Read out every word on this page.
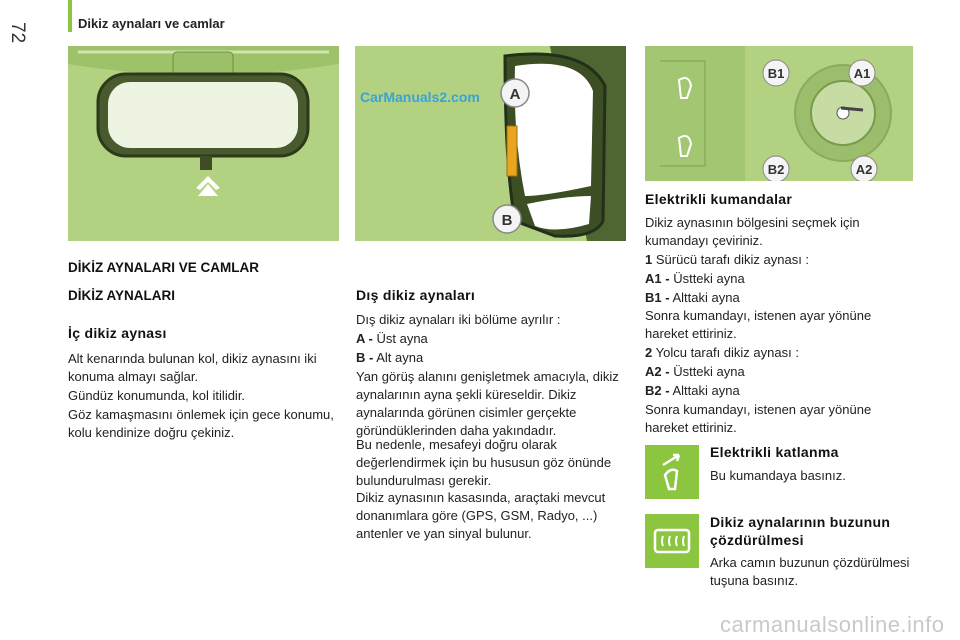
72	Dikiz aynaları ve camlar
A
B
CarManuals2.com
B1	A1
B2	A2
DİKİZ AYNALARI VE CAMLAR
DİKİZ AYNALARI
İç dikiz aynası
Alt kenarında bulunan kol, dikiz aynasını iki konuma almayı sağlar.
Gündüz konumunda, kol itilidir.
Göz kamaşmasını önlemek için gece konumu, kolu kendinize doğru çekiniz.
Dış dikiz aynaları
Dış dikiz aynaları iki bölüme ayrılır :
A - Üst ayna
B - Alt ayna
Yan görüş alanını genişletmek amacıyla, dikiz aynalarının ayna şekli küreseldir. Dikiz aynalarında görünen cisimler gerçekte göründüklerinden daha yakındadır.
Bu nedenle, mesafeyi doğru olarak değerlendirmek için bu hususun göz önünde bulundurulması gerekir.
Dikiz aynasının kasasında, araçtaki mevcut donanımlara göre (GPS, GSM, Radyo, ...) antenler ve yan sinyal bulunur.
Elektrikli kumandalar
Dikiz aynasının bölgesini seçmek için kumandayı çeviriniz.
1 Sürücü tarafı dikiz aynası :
A1 - Üstteki ayna
B1 - Alttaki ayna
Sonra kumandayı, istenen ayar yönüne hareket ettiriniz.
2 Yolcu tarafı dikiz aynası :
A2 - Üstteki ayna
B2 - Alttaki ayna
Sonra kumandayı, istenen ayar yönüne hareket ettiriniz.
Elektrikli katlanma
Bu kumandaya basınız.
Dikiz aynalarının buzunun çözdürülmesi
Arka camın buzunun çözdürülmesi tuşuna basınız.
carmanualsonline.info
